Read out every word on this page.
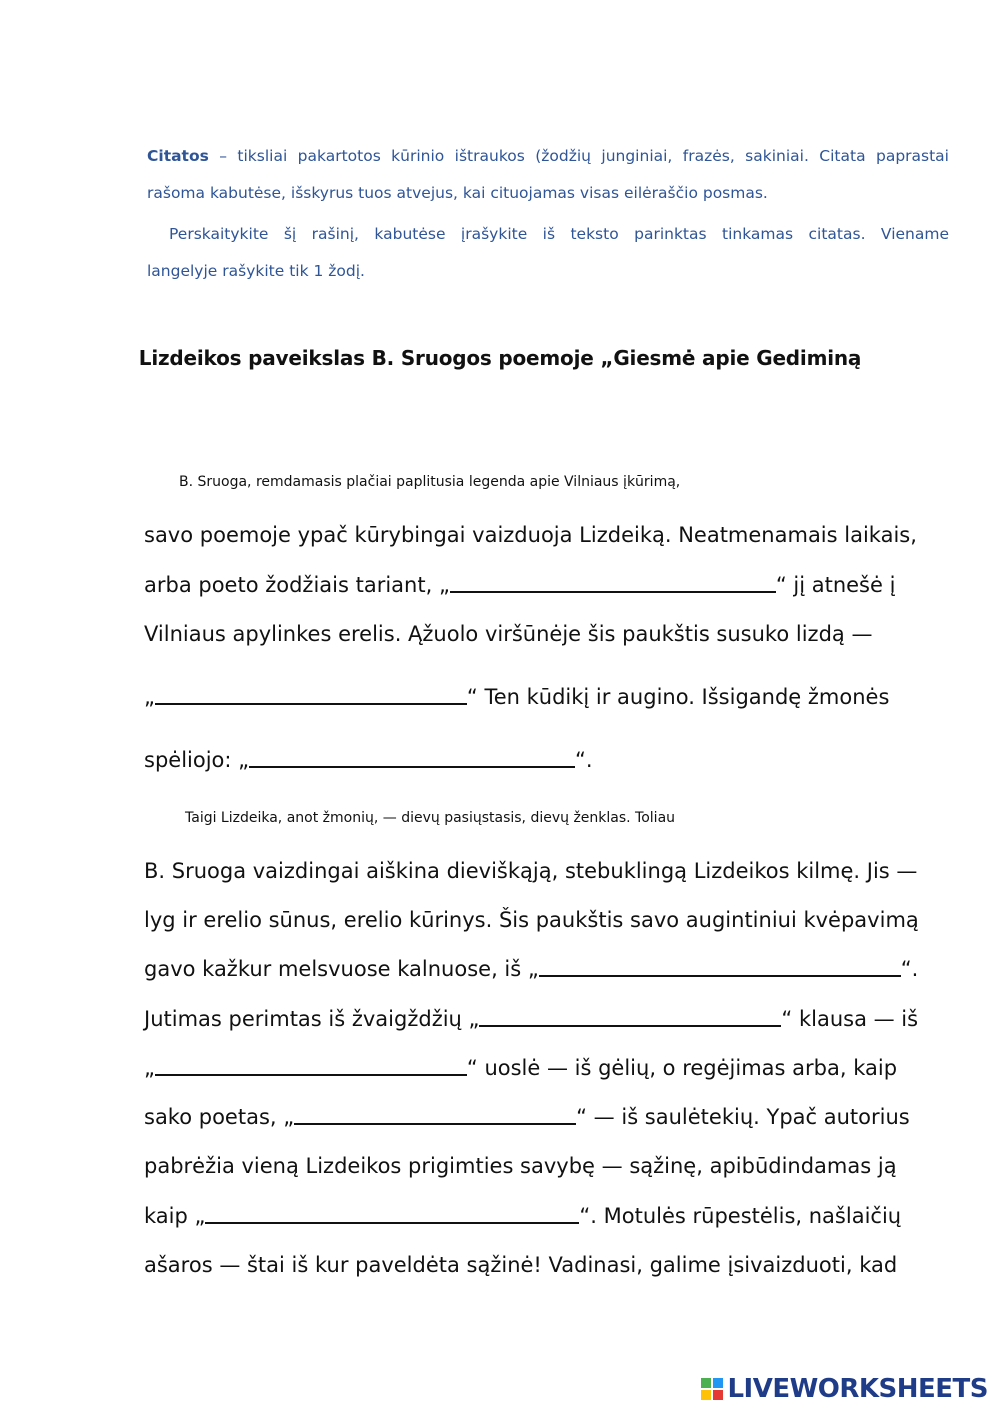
Citatos – tiksliai pakartotos kūrinio ištraukos (žodžių junginiai, frazės, sakiniai. Citata paprastai
rašoma kabutėse, išskyrus tuos atvejus, kai cituojamas visas eilėraščio posmas.
Perskaitykite šį rašinį, kabutėse įrašykite iš teksto parinktas tinkamas citatas. Viename
langelyje rašykite tik 1 žodį.
Lizdeikos paveikslas B. Sruogos poemoje „Giesmė apie Gediminą
B. Sruoga, remdamasis plačiai paplitusia legenda apie Vilniaus įkūrimą,
savo poemoje ypač kūrybingai vaizduoja Lizdeiką. Neatmenamais laikais,
arba poeto žodžiais tariant, „	“ jį atnešė į
Vilniaus apylinkes erelis. Ąžuolo viršūnėje šis paukštis susuko lizdą —
„	“ Ten kūdikį ir augino. Išsigandę žmonės
spėliojo: „	“.
Taigi Lizdeika, anot žmonių, — dievų pasiųstasis, dievų ženklas. Toliau
B. Sruoga vaizdingai aiškina dieviškąją, stebuklingą Lizdeikos kilmę. Jis —
lyg ir erelio sūnus, erelio kūrinys. Šis paukštis savo augintiniui kvėpavimą
gavo kažkur melsvuose kalnuose, iš „	“.
Jutimas perimtas iš žvaigždžių „	“ klausa — iš
„	“ uoslė — iš gėlių, o regėjimas arba, kaip
sako poetas, „	“ — iš saulėtekių. Ypač autorius
pabrėžia vieną Lizdeikos prigimties savybę — sąžinę, apibūdindamas ją
kaip „	“. Motulės rūpestėlis, našlaičių
ašaros — štai iš kur paveldėta sąžinė! Vadinasi, galime įsivaizduoti, kad
LIVEWORKSHEETS
